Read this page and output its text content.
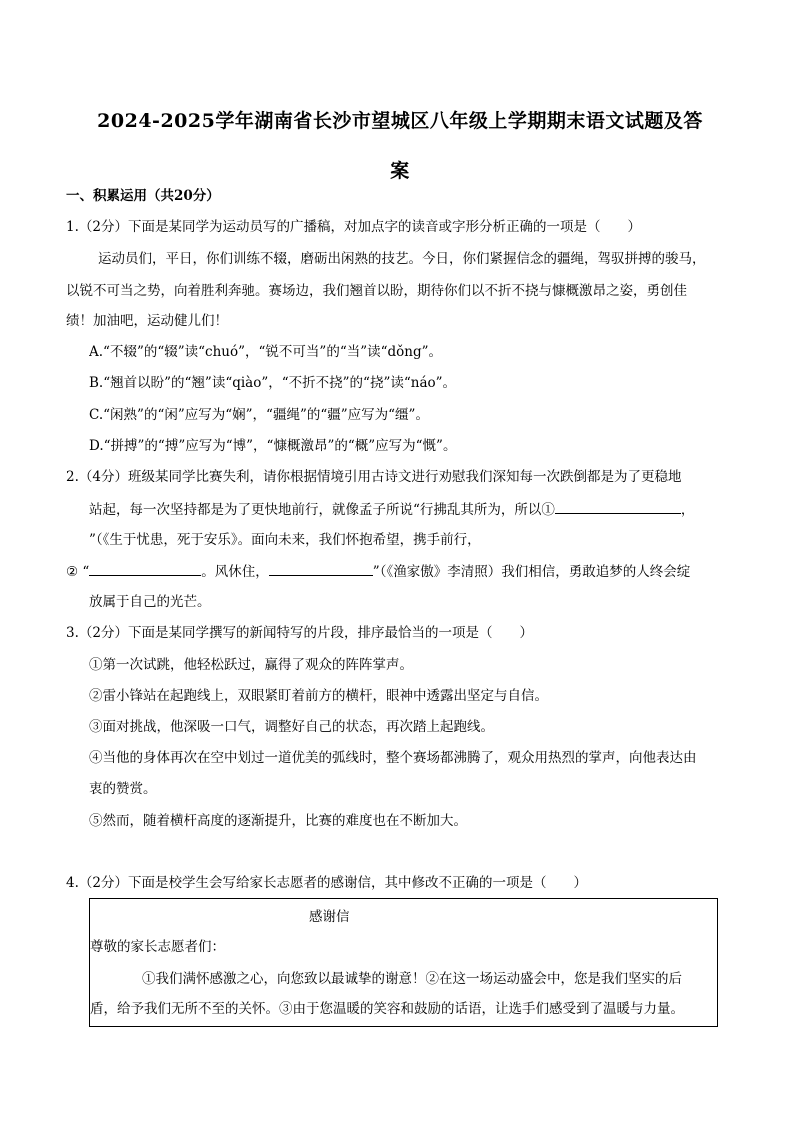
2024-2025学年湖南省长沙市望城区八年级上学期期末语文试题及答
案
一、积累运用（共20分）
1.（2分）下面是某同学为运动员写的广播稿，对加点字的读音或字形分析正确的一项是（　　）
运动员们，平日，你们训练不辍，磨砺出闲熟的技艺。今日，你们紧握信念的疆绳，驾驭拼搏的骏马，
以锐不可当之势，向着胜利奔驰。赛场边，我们翘首以盼，期待你们以不折不挠与慷概激昂之姿，勇创佳
绩！加油吧，运动健儿们！
A.“不辍”的“辍”读“chuó”，“锐不可当”的“当”读“dǒng”。
B.“翘首以盼”的“翘”读“qiào”，“不折不挠”的“挠”读“náo”。
C.“闲熟”的“闲”应写为“娴”，“疆绳”的“疆”应写为“缰”。
D.“拼搏”的“搏”应写为“博”，“慷概激昂”的“概”应写为“慨”。
2.（4分）班级某同学比赛失利，请你根据情境引用古诗文进行劝慰我们深知每一次跌倒都是为了更稳地
站起，每一次坚持都是为了更快地前行，就像孟子所说“行拂乱其所为，所以①	，
”（《生于忧患，死于安乐》。面向未来，我们怀抱希望，携手前行，
② “	。风休住，	”（《渔家傲》李清照）我们相信，勇敢追梦的人终会绽
放属于自己的光芒。
3.（2分）下面是某同学撰写的新闻特写的片段，排序最恰当的一项是（　　）
①第一次试跳，他轻松跃过，赢得了观众的阵阵掌声。
②雷小锋站在起跑线上，双眼紧盯着前方的横杆，眼神中透露出坚定与自信。
③面对挑战，他深吸一口气，调整好自己的状态，再次踏上起跑线。
④当他的身体再次在空中划过一道优美的弧线时，整个赛场都沸腾了，观众用热烈的掌声，向他表达由
衷的赞赏。
⑤然而，随着横杆高度的逐渐提升，比赛的难度也在不断加大。
4.（2分）下面是校学生会写给家长志愿者的感谢信，其中修改不正确的一项是（　　）
感谢信
尊敬的家长志愿者们：
①我们满怀感激之心，向您致以最诚挚的谢意！②在这一场运动盛会中，您是我们坚实的后
盾，给予我们无所不至的关怀。③由于您温暖的笑容和鼓励的话语，让选手们感受到了温暖与力量。
